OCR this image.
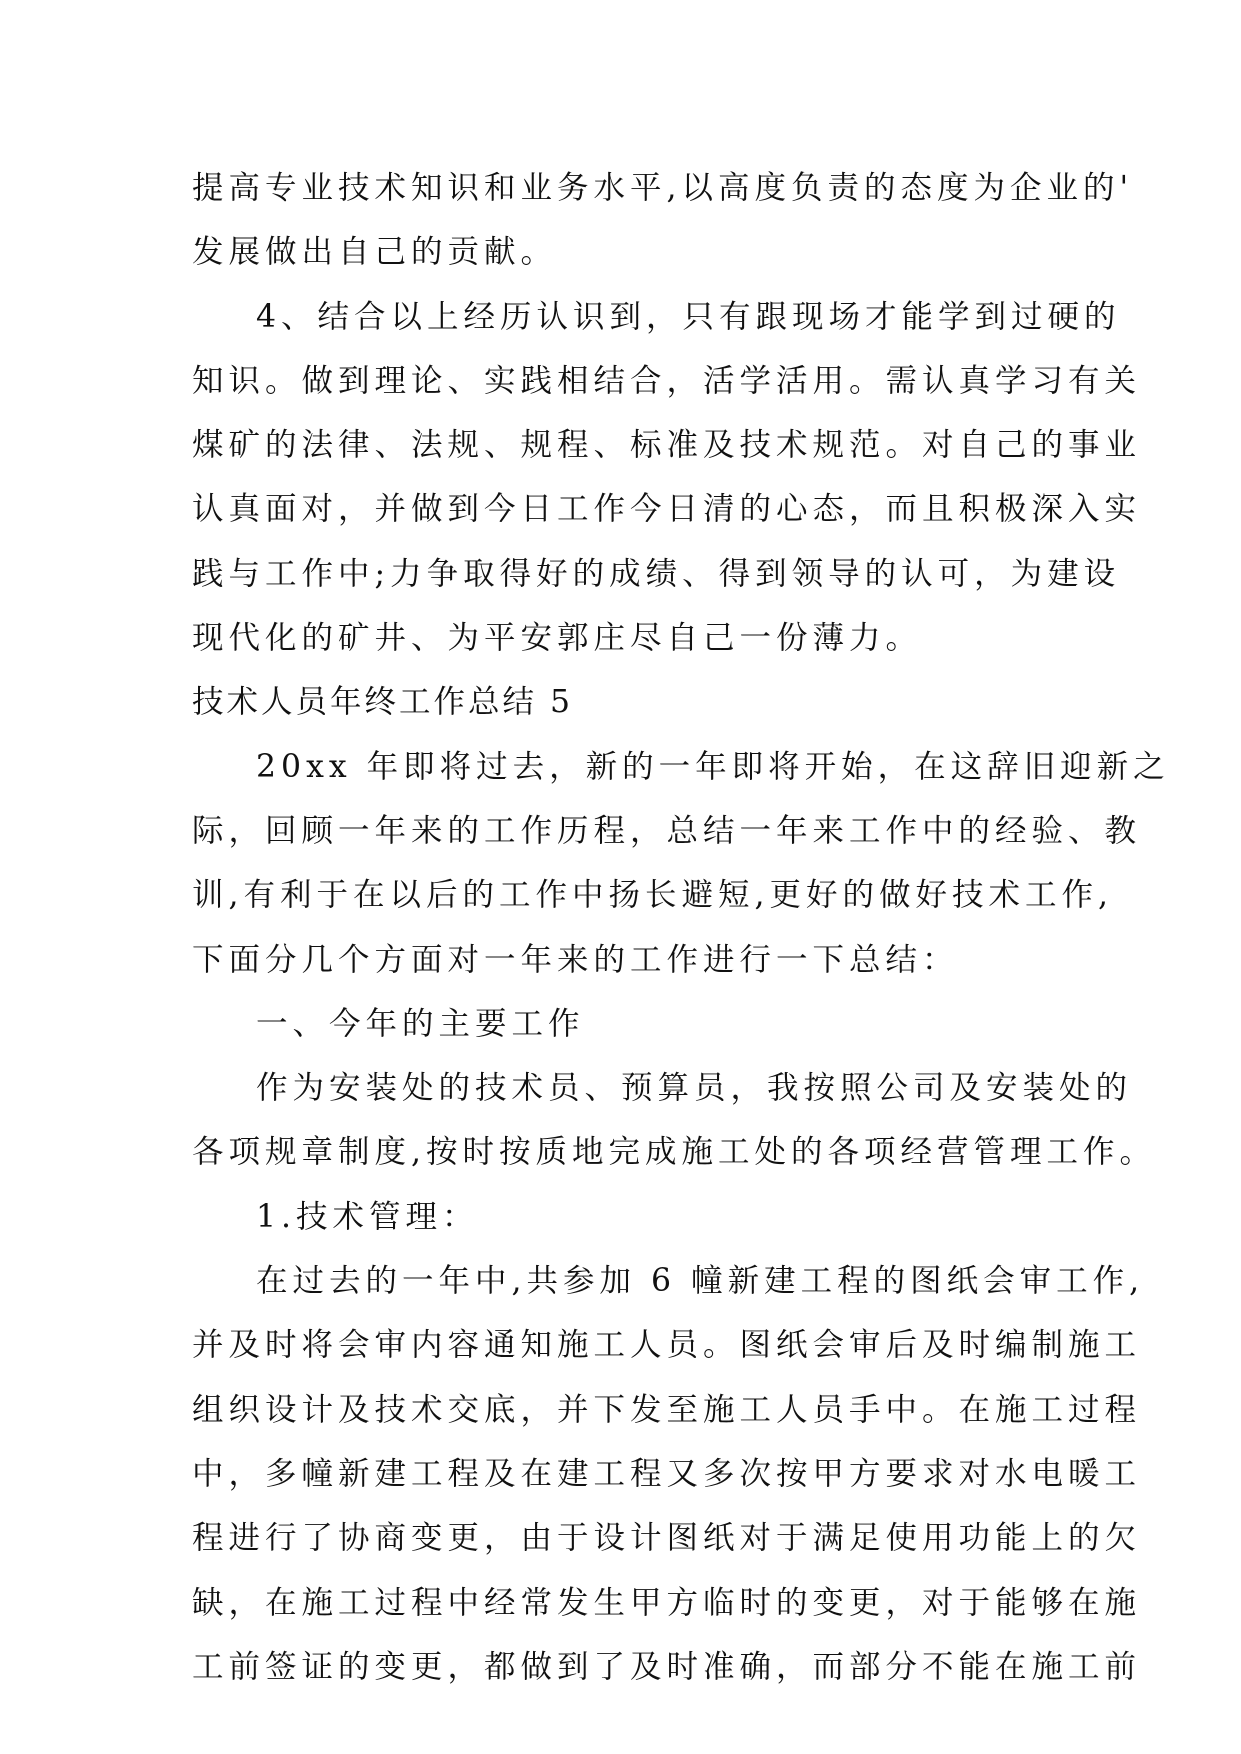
提高专业技术知识和业务水平,以高度负责的态度为企业的'

发展做出自己的贡献。

4、结合以上经历认识到，只有跟现场才能学到过硬的

知识。做到理论、实践相结合，活学活用。需认真学习有关

煤矿的法律、法规、规程、标准及技术规范。对自己的事业

认真面对，并做到今日工作今日清的心态，而且积极深入实

践与工作中;力争取得好的成绩、得到领导的认可，为建设

现代化的矿井、为平安郭庄尽自己一份薄力。

技术人员年终工作总结 5

20xx 年即将过去，新的一年即将开始，在这辞旧迎新之

际，回顾一年来的工作历程，总结一年来工作中的经验、教

训,有利于在以后的工作中扬长避短,更好的做好技术工作,

下面分几个方面对一年来的工作进行一下总结：

一、今年的主要工作

作为安装处的技术员、预算员，我按照公司及安装处的

各项规章制度,按时按质地完成施工处的各项经营管理工作。

1.技术管理：

在过去的一年中,共参加 6 幢新建工程的图纸会审工作,

并及时将会审内容通知施工人员。图纸会审后及时编制施工

组织设计及技术交底，并下发至施工人员手中。在施工过程

中，多幢新建工程及在建工程又多次按甲方要求对水电暖工

程进行了协商变更，由于设计图纸对于满足使用功能上的欠

缺，在施工过程中经常发生甲方临时的变更，对于能够在施

工前签证的变更，都做到了及时准确，而部分不能在施工前
